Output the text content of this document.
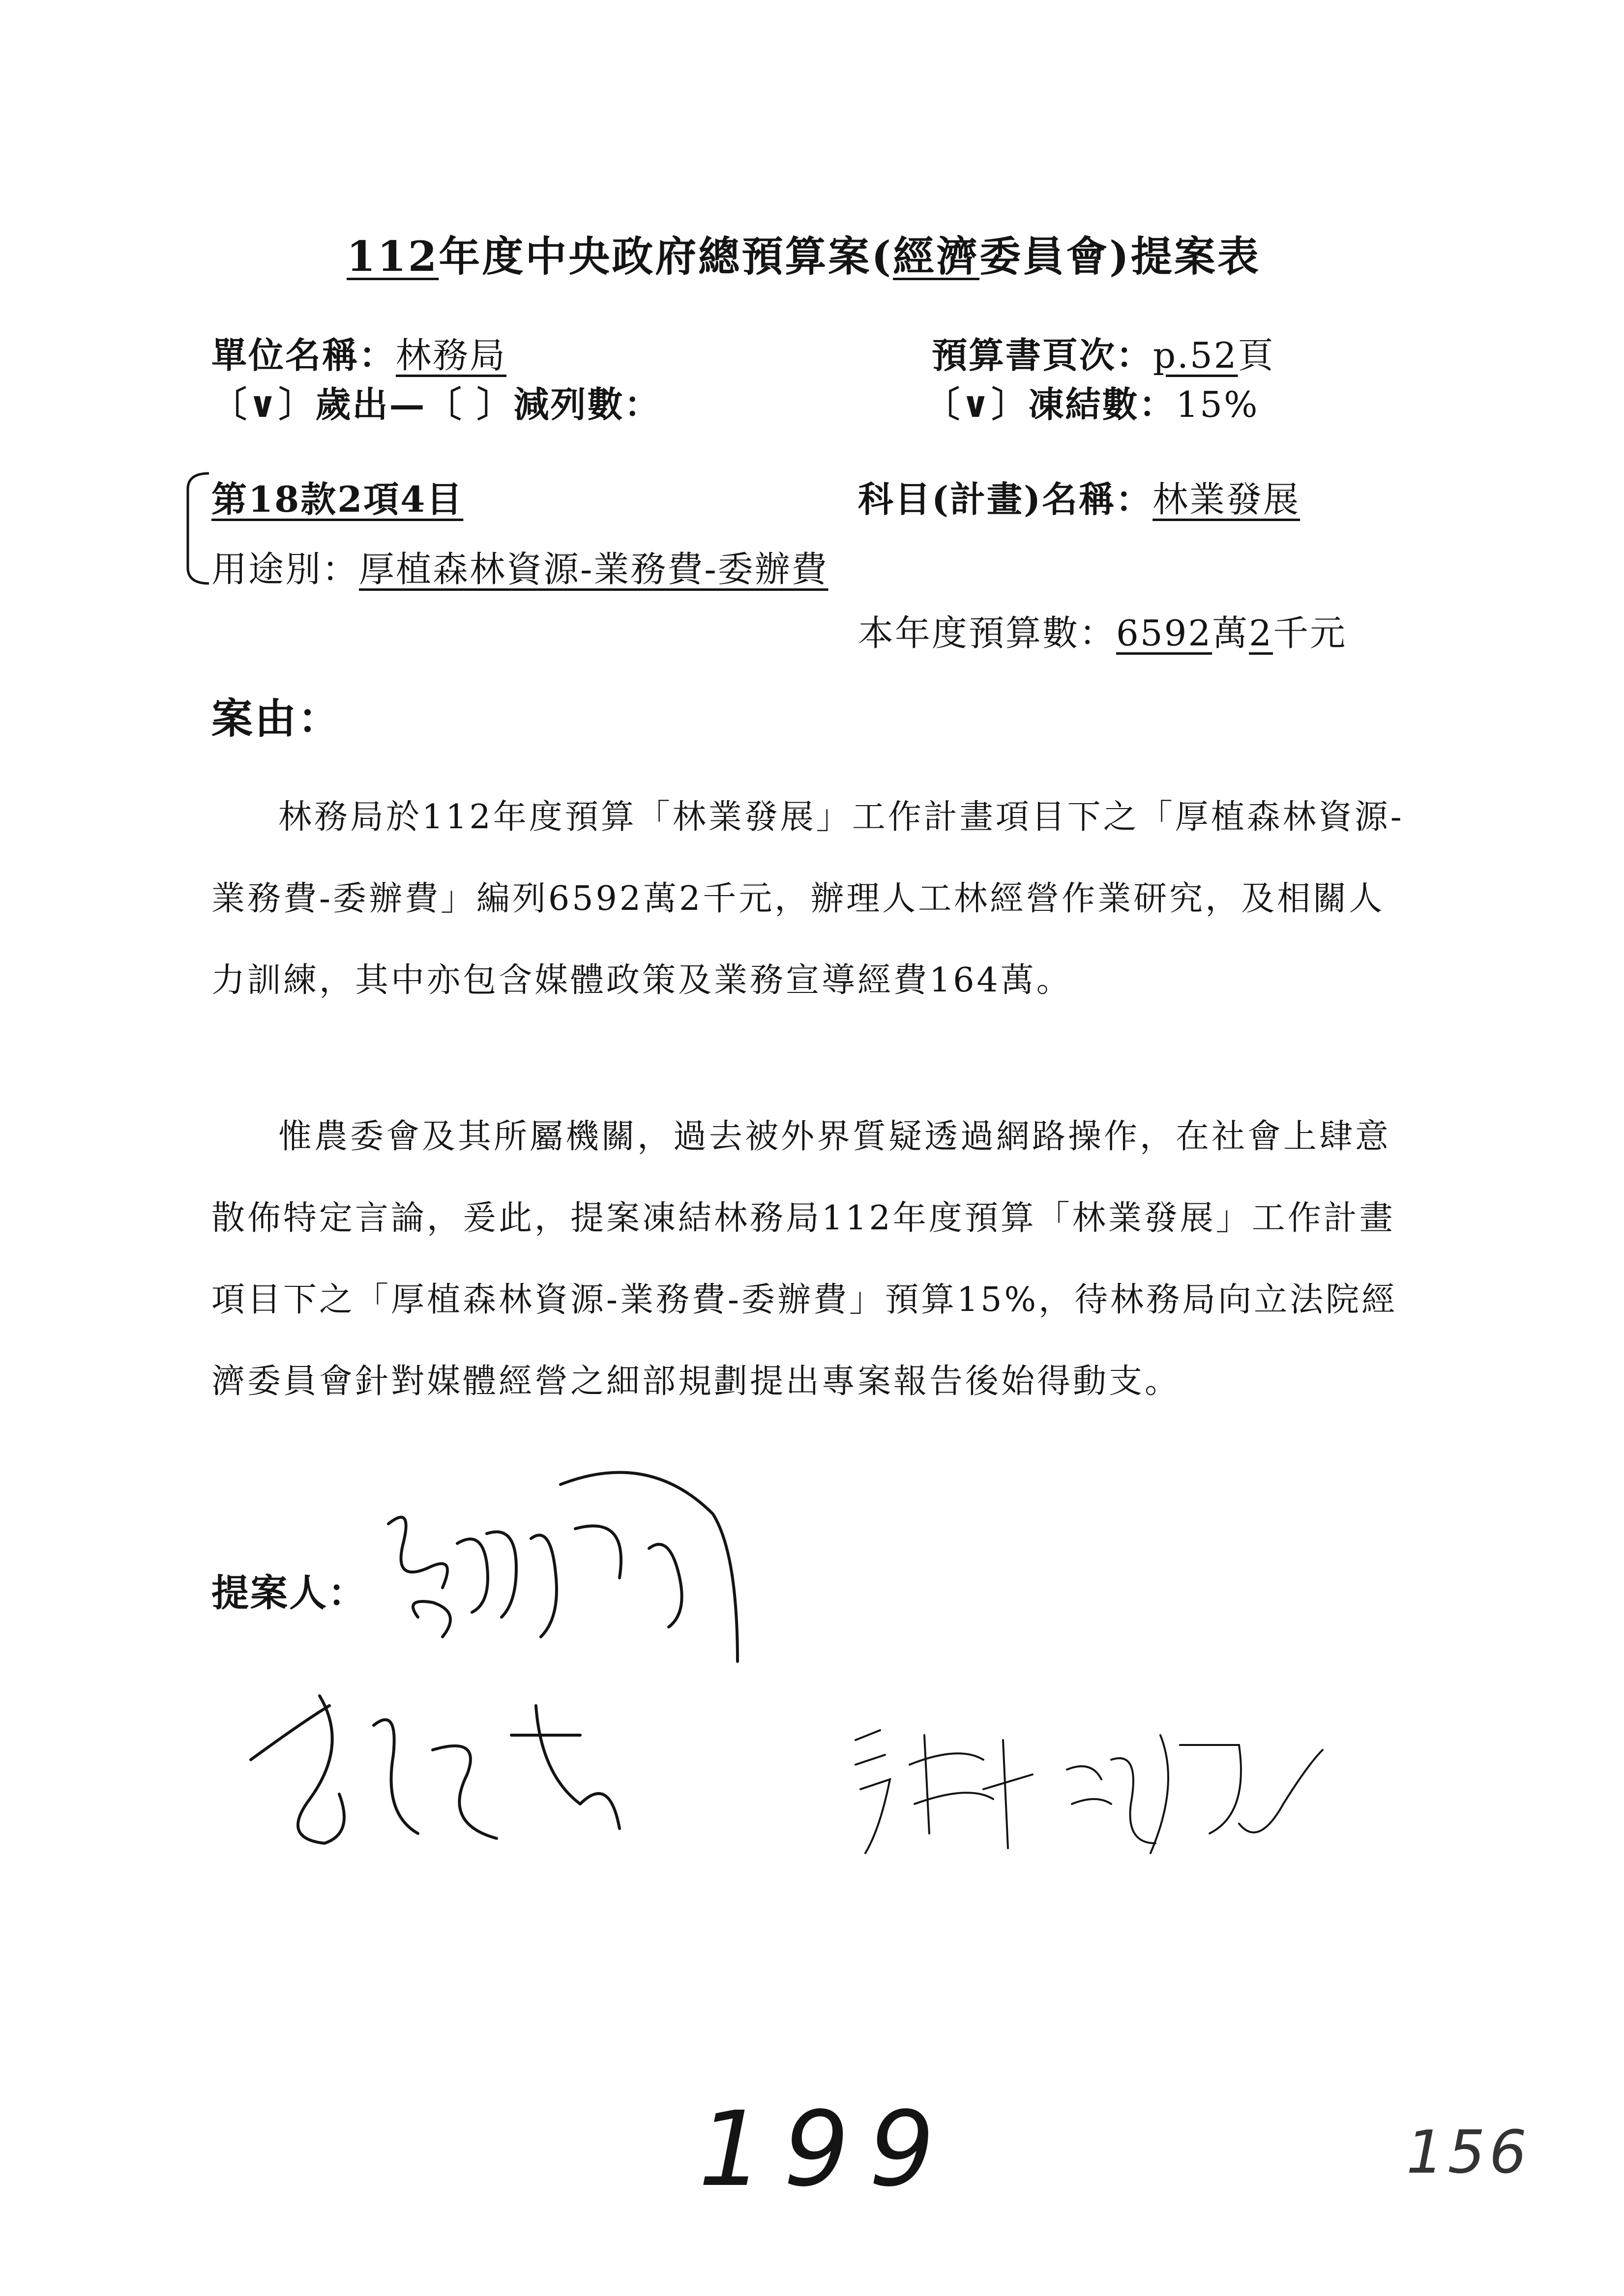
112年度中央政府總預算案(經濟委員會)提案表
單位名稱：林務局	預算書頁次：p.52頁
〔∨〕歲出—〔 〕減列數：	〔∨〕凍結數：15%
第18款2項4目	科目(計畫)名稱：林業發展
用途別：厚植森林資源-業務費-委辦費
本年度預算數：6592萬2千元
案由：

林務局於112年度預算「林業發展」工作計畫項目下之「厚植森林資源-業務費-委辦費」編列6592萬2千元，辦理人工林經營作業研究，及相關人力訓練，其中亦包含媒體政策及業務宣導經費164萬。

惟農委會及其所屬機關，過去被外界質疑透過網路操作，在社會上肆意散佈特定言論，爰此，提案凍結林務局112年度預算「林業發展」工作計畫項目下之「厚植森林資源-業務費-委辦費」預算15%，待林務局向立法院經濟委員會針對媒體經營之細部規劃提出專案報告後始得動支。

提案人：
199	156
